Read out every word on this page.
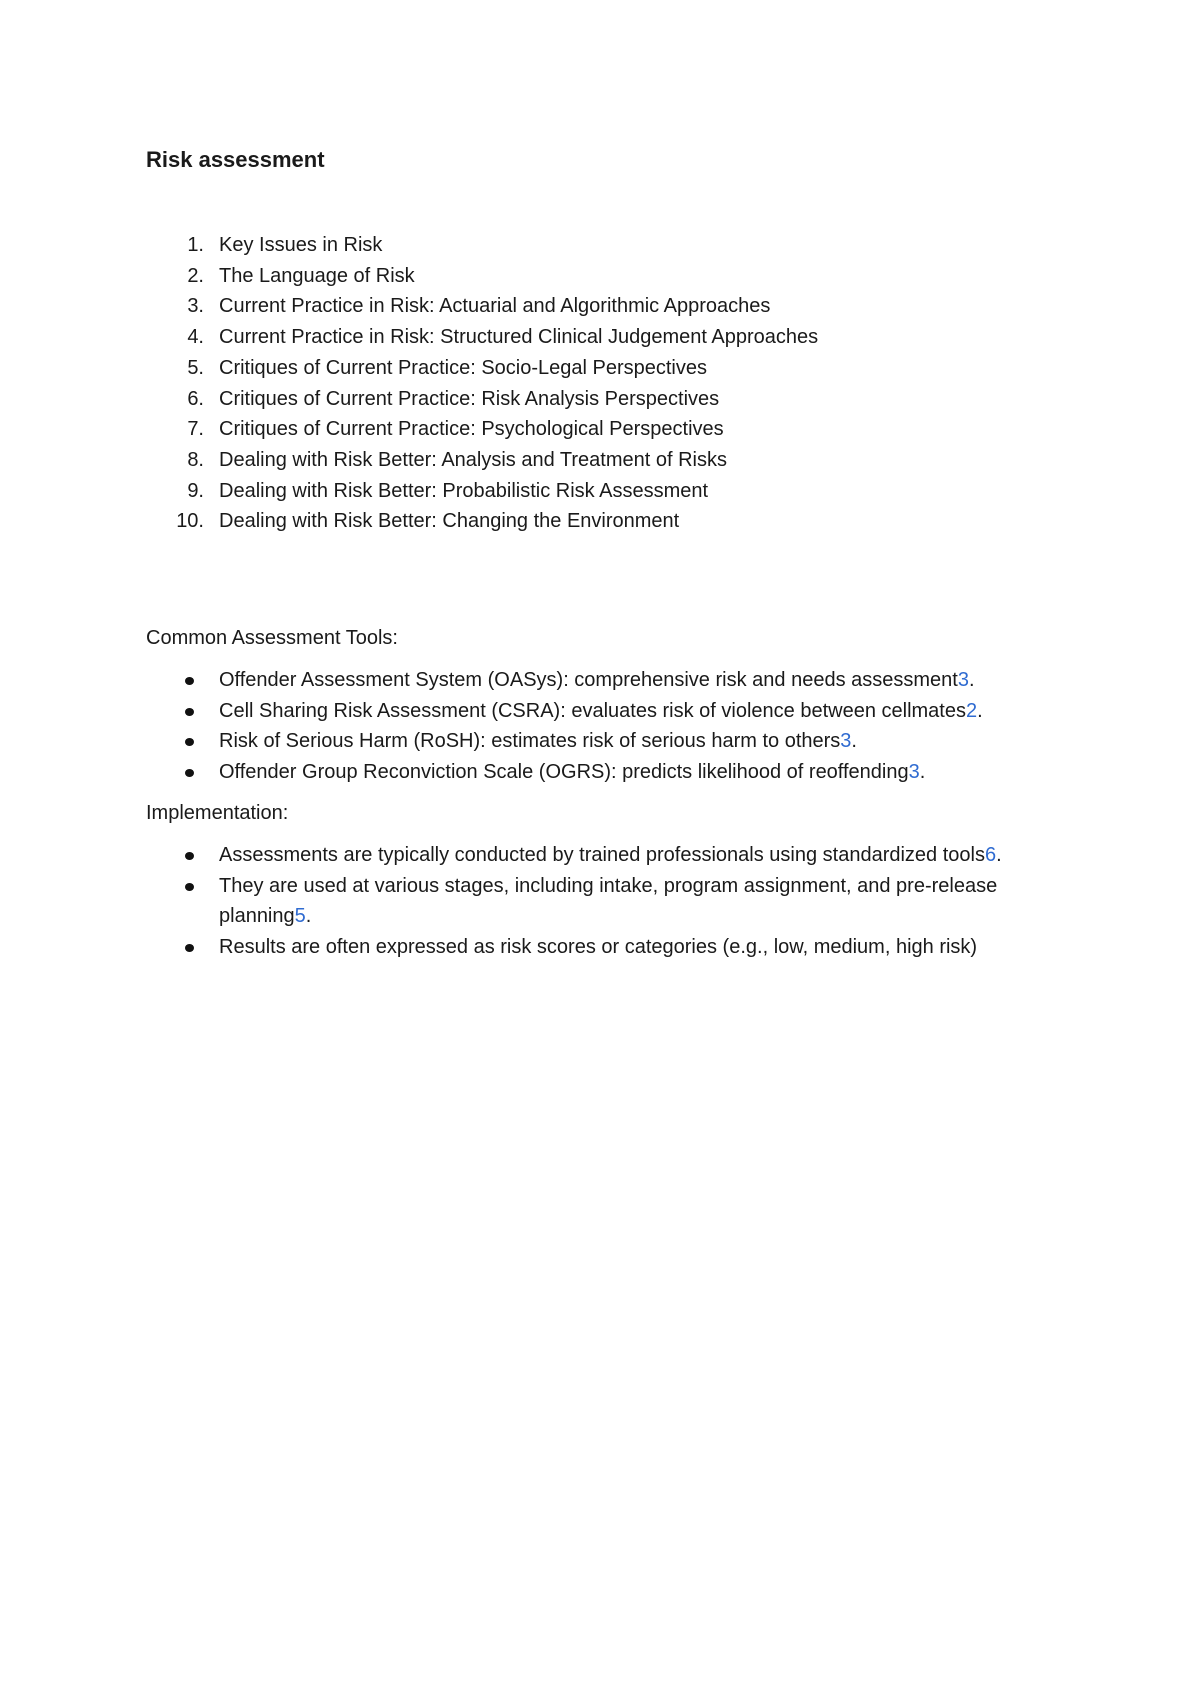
Risk assessment
1. Key Issues in Risk
2. The Language of Risk
3. Current Practice in Risk: Actuarial and Algorithmic Approaches
4. Current Practice in Risk: Structured Clinical Judgement Approaches
5. Critiques of Current Practice: Socio-Legal Perspectives
6. Critiques of Current Practice: Risk Analysis Perspectives
7. Critiques of Current Practice: Psychological Perspectives
8. Dealing with Risk Better: Analysis and Treatment of Risks
9. Dealing with Risk Better: Probabilistic Risk Assessment
10. Dealing with Risk Better: Changing the Environment

Common Assessment Tools:

Offender Assessment System (OASys): comprehensive risk and needs assessment3.
Cell Sharing Risk Assessment (CSRA): evaluates risk of violence between cellmates2.
Risk of Serious Harm (RoSH): estimates risk of serious harm to others3.
Offender Group Reconviction Scale (OGRS): predicts likelihood of reoffending3.

Implementation:

Assessments are typically conducted by trained professionals using standardized tools6.
They are used at various stages, including intake, program assignment, and pre-release planning5.
Results are often expressed as risk scores or categories (e.g., low, medium, high risk)
